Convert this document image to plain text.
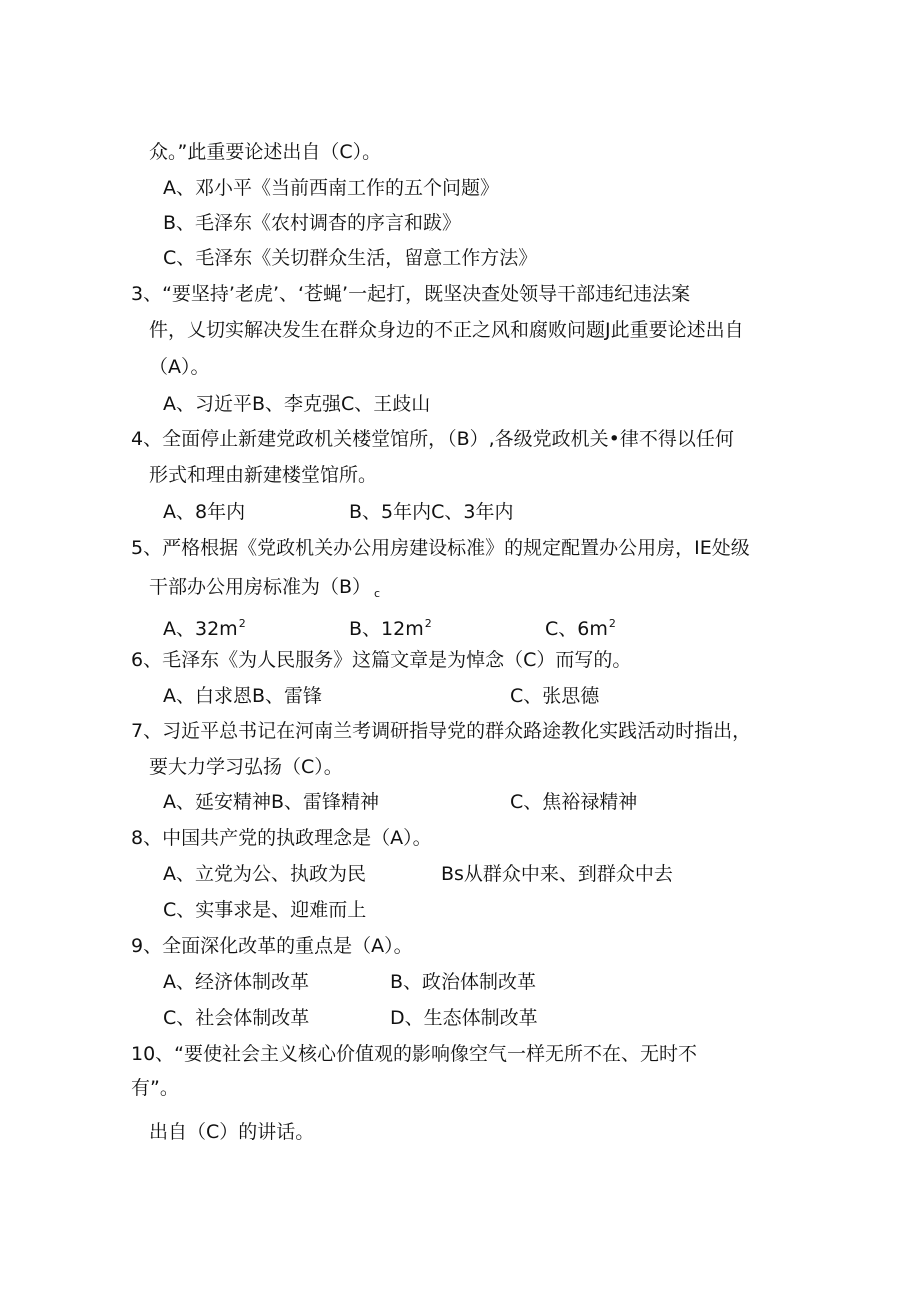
众。”此重要论述出自（C）。
A、邓小平《当前西南工作的五个问题》
B、毛泽东《农村调杳的序言和跋》
C、毛泽东《关切群众生活，留意工作方法》
3、“要坚持’老虎’、‘苍蝇’一起打，既坚决查处领导干部违纪违法案
件，乂切实解决发生在群众身边的不正之风和腐败问题J此重要论述出自
（A）。
A、习近平B、李克强C、王歧山
4、全面停止新建党政机关楼堂馆所，（B）,各级党政机关•律不得以任何
形式和理由新建楼堂馆所。
A、8年内	B、5年内C、3年内
5、严格根据《党政机关办公用房建设标准》的规定配置办公用房，IE处级
干部办公用房标准为（B） $_c$
A、$32m^2$	B、$12m^2$	C、$6m^2$
6、毛泽东《为人民服务》这篇文章是为悼念（C）而写的。
A、白求恩B、雷锋	C、张思德
7、习近平总书记在河南兰考调研指导党的群众路途教化实践活动时指出，
要大力学习弘扬（C）。
A、延安精神B、雷锋精神	C、焦裕禄精神
8、中国共产党的执政理念是（A）。
A、立党为公、执政为民	Bs从群众中来、到群众中去
C、实事求是、迎难而上
9、全面深化改革的重点是（A）。
A、经济体制改革	B、政治体制改革
C、社会体制改革	D、生态体制改革
10、“要使社会主义核心价值观的影响像空气一样无所不在、无时不
有”。
出自（C）的讲话。
